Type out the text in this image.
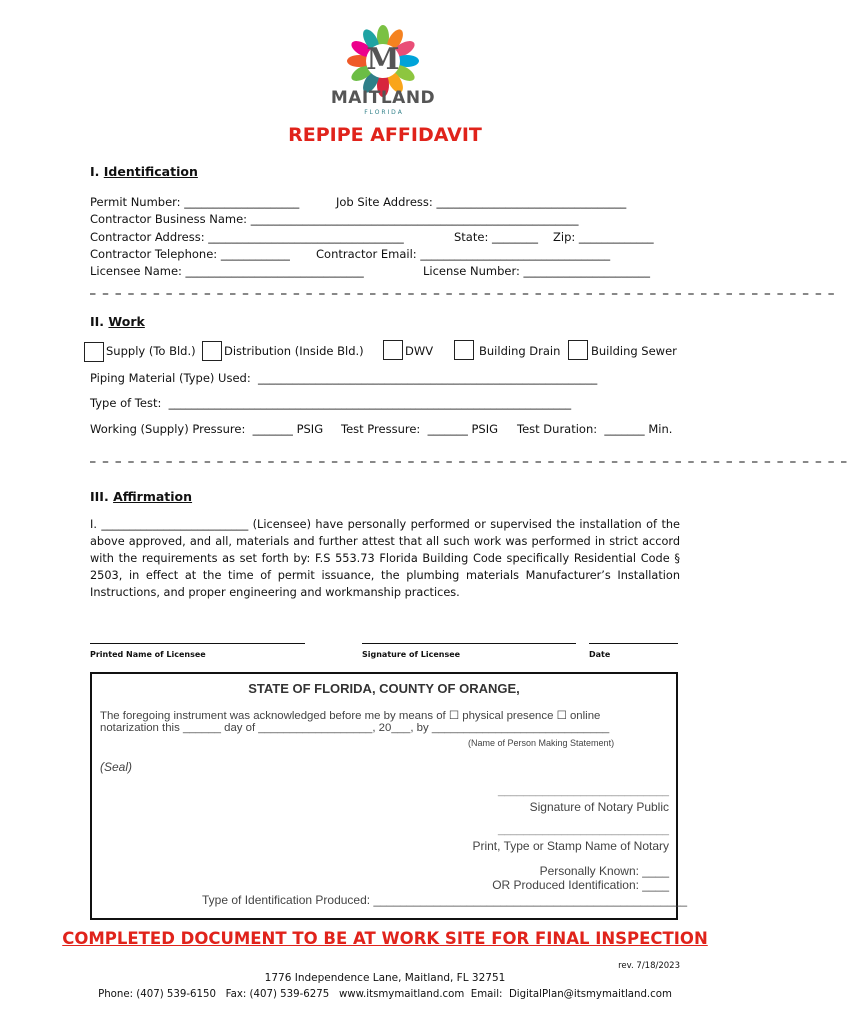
M
MAITLAND
F L O R I D A
REPIPE AFFIDAVIT
I. Identification
Permit Number: ____________________	Job Site Address: _________________________________
Contractor Business Name: _________________________________________________________
Contractor Address: __________________________________	State: ________ Zip: _____________
Contractor Telephone: ____________ Contractor Email: _________________________________
Licensee Name: _______________________________	License Number: ______________________
_ _ _ _ _ _ _ _ _ _ _ _ _ _ _ _ _ _ _ _ _ _ _ _ _ _ _ _ _ _ _ _ _ _ _ _ _ _ _ _ _ _ _ _ _ _ _ _ _ _ _ _ _ _ _ _ _ _ _
II. Work
Supply (To Bld.) Distribution (Inside Bld.)	DWV	Building Drain	Building Sewer
Piping Material (Type) Used:  ___________________________________________________________
Type of Test:  ______________________________________________________________________
Working (Supply) Pressure:  _______ PSIG Test Pressure:  _______ PSIG Test Duration:  _______ Min.
_ _ _ _ _ _ _ _ _ _ _ _ _ _ _ _ _ _ _ _ _ _ _ _ _ _ _ _ _ _ _ _ _ _ _ _ _ _ _ _ _ _ _ _ _ _ _ _ _ _ _ _ _ _ _ _ _ _ _ _
III. Affirmation
I. __________________________ (Licensee) have personally performed or supervised the installation of the above approved, and all, materials and further attest that all such work was performed in strict accord with the requirements as set forth by: F.S 553.73 Florida Building Code specifically Residential Code § 2503, in effect at the time of permit issuance, the plumbing materials Manufacturer’s Installation Instructions, and proper engineering and workmanship practices.
Printed Name of Licensee	Signature of Licensee	Date
STATE OF FLORIDA, COUNTY OF ORANGE,
The foregoing instrument was acknowledged before me by means of ☐ physical presence ☐ online
notarization this ______ day of __________________, 20___, by ____________________________
(Name of Person Making Statement)
(Seal)
___________________________
Signature of Notary Public
___________________________
Print, Type or Stamp Name of Notary
Personally Known: ____
OR Produced Identification: ____
Type of Identification Produced: _______________________________________________
COMPLETED DOCUMENT TO BE AT WORK SITE FOR FINAL INSPECTION
rev. 7/18/2023
1776 Independence Lane, Maitland, FL 32751
Phone: (407) 539-6150   Fax: (407) 539-6275   www.itsmymaitland.com  Email:  DigitalPlan@itsmymaitland.com
